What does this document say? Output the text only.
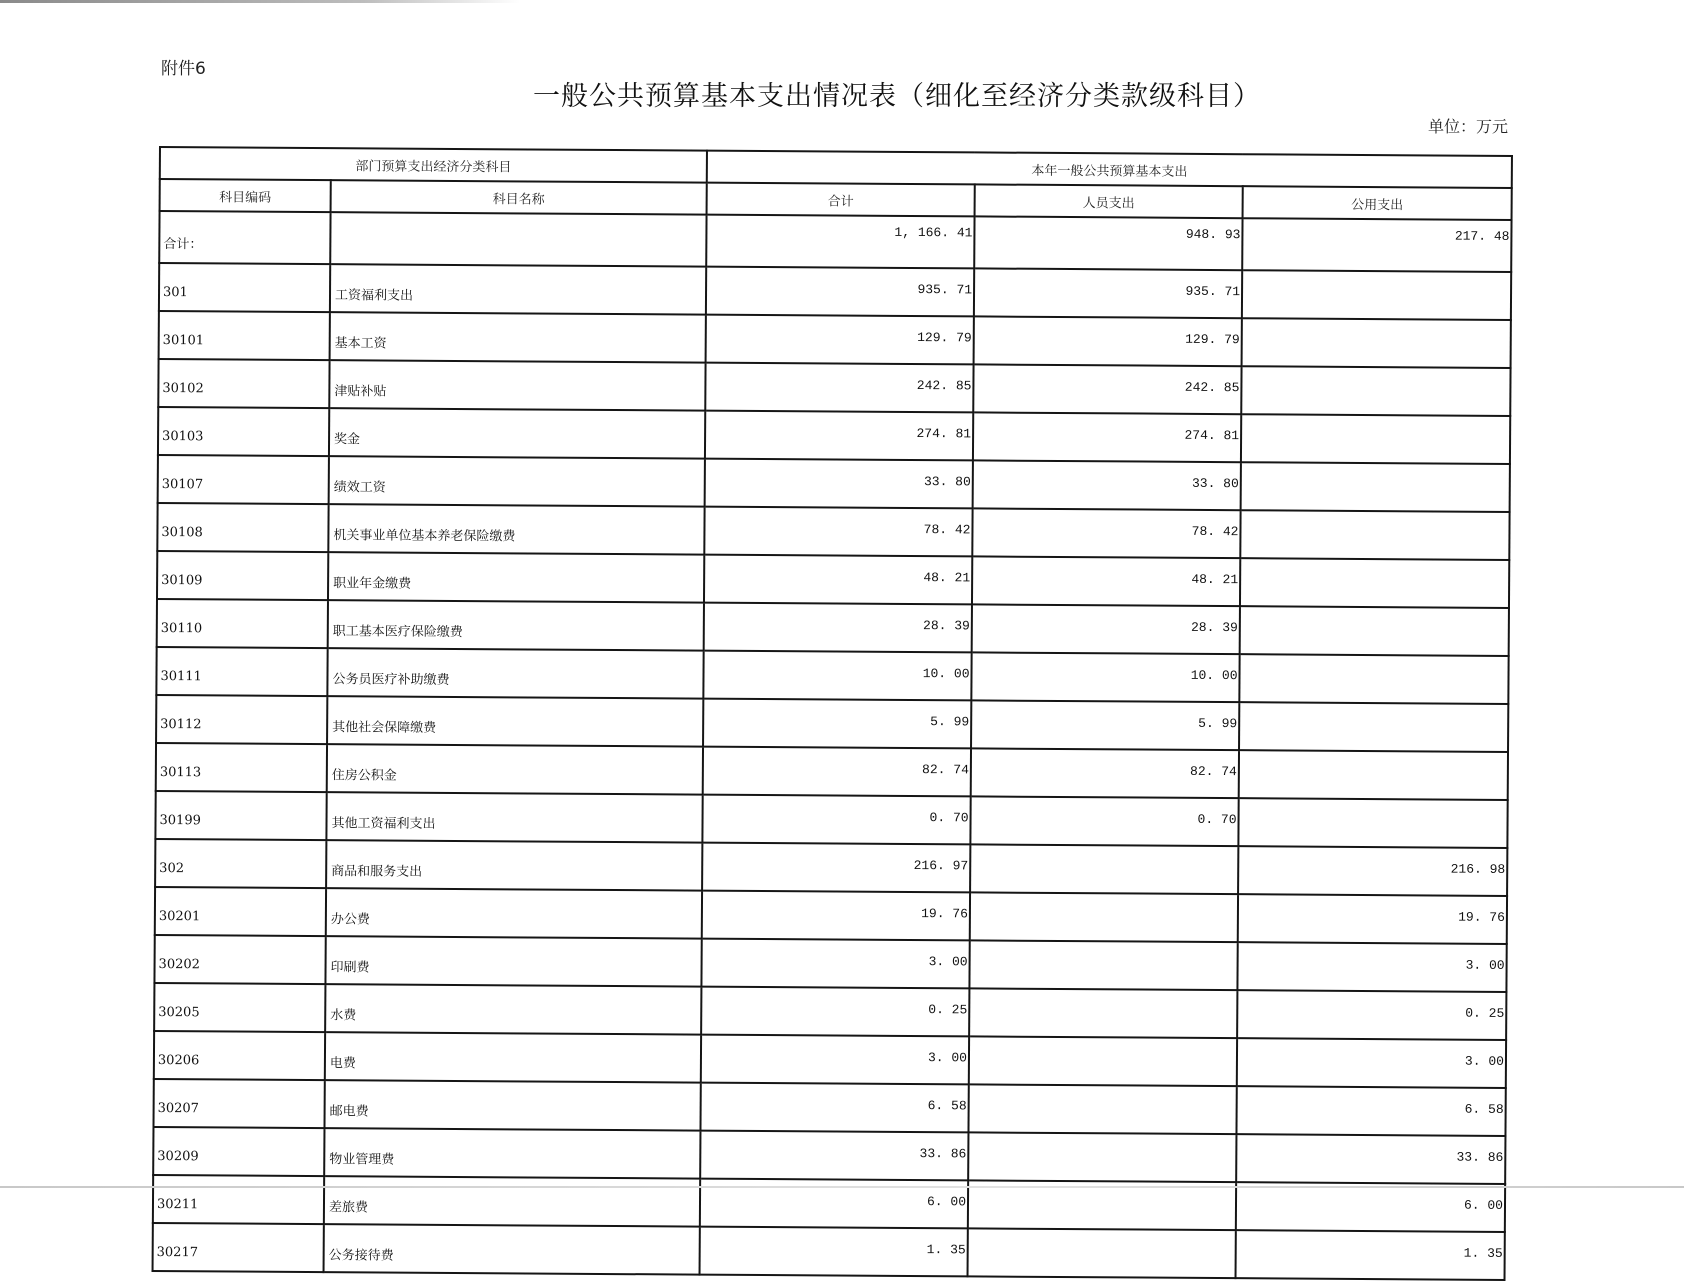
附件6
一般公共预算基本支出情况表（细化至经济分类款级科目）
单位：万元
部门预算支出经济分类科目		本年一般公共预算基本支出		
科目编码	科目名称	合计	人员支出	公用支出
合计：		1, 166. 41	948. 93	217. 48
301	工资福利支出	935. 71	935. 71	
30101	基本工资	129. 79	129. 79	
30102	津贴补贴	242. 85	242. 85	
30103	奖金	274. 81	274. 81	
30107	绩效工资	33. 80	33. 80	
30108	机关事业单位基本养老保险缴费	78. 42	78. 42	
30109	职业年金缴费	48. 21	48. 21	
30110	职工基本医疗保险缴费	28. 39	28. 39	
30111	公务员医疗补助缴费	10. 00	10. 00	
30112	其他社会保障缴费	5. 99	5. 99	
30113	住房公积金	82. 74	82. 74	
30199	其他工资福利支出	0. 70	0. 70	
302	商品和服务支出	216. 97		216. 98
30201	办公费	19. 76		19. 76
30202	印刷费	3. 00		3. 00
30205	水费	0. 25		0. 25
30206	电费	3. 00		3. 00
30207	邮电费	6. 58		6. 58
30209	物业管理费	33. 86		33. 86
30211	差旅费	6. 00		6. 00
30217	公务接待费	1. 35		1. 35
